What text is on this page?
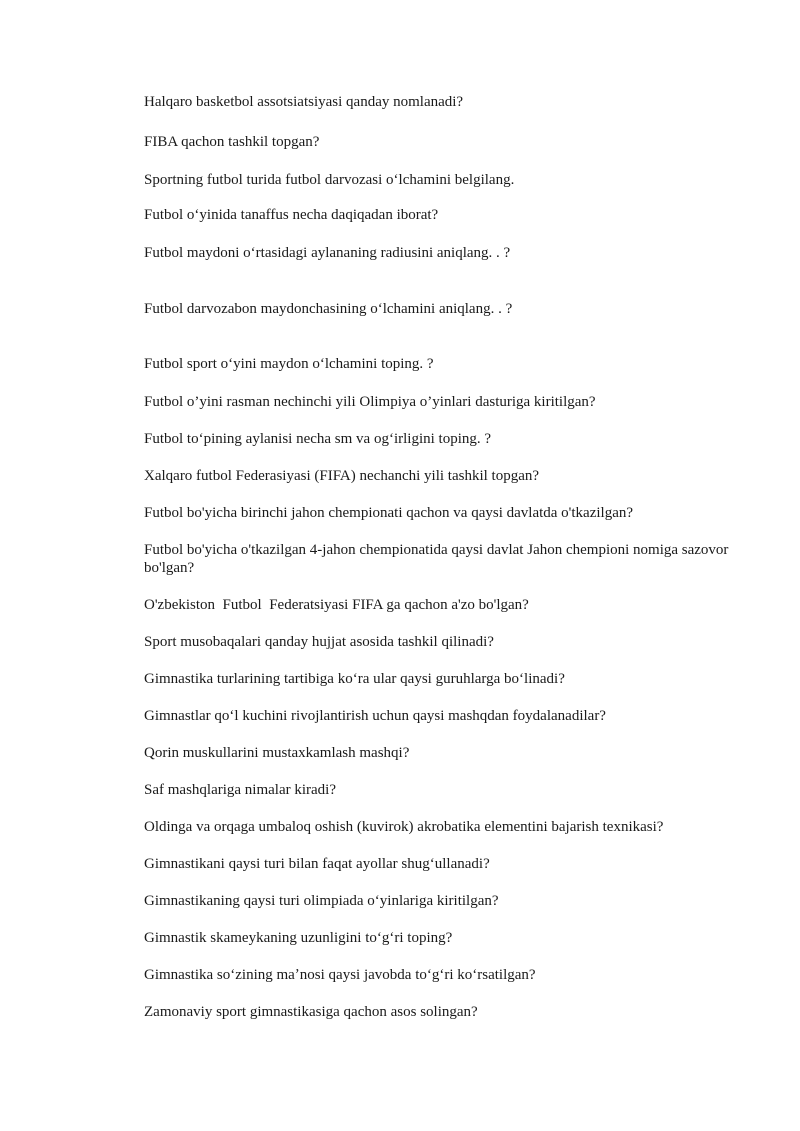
Halqaro basketbol assotsiatsiyasi qanday nomlanadi?
FIBA qachon tashkil topgan?
Sportning futbol turida futbol darvozasi oʻlchamini belgilang.
Futbol oʻyinida tanaffus necha daqiqadan iborat?
Futbol maydoni oʻrtasidagi aylananing radiusini aniqlang. . ?
Futbol darvozabon maydonchasining oʻlchamini aniqlang. . ?
Futbol sport oʻyini maydon oʻlchamini toping. ?
Futbol o’yini rasman nechinchi yili Olimpiya o’yinlari dasturiga kiritilgan?
Futbol toʻpining aylanisi necha sm va ogʻirligini toping. ?
Xalqaro futbol Federasiyasi (FIFA) nechanchi yili tashkil topgan?
Futbol bo'yicha birinchi jahon chempionati qachon va qaysi davlatda o'tkazilgan?
Futbol bo'yicha o'tkazilgan 4-jahon chempionatida qaysi davlat Jahon chempioni nomiga sazovor bo'lgan?
O'zbekiston  Futbol  Federatsiyasi FIFA ga qachon a'zo bo'lgan?
Sport musobaqalari qanday hujjat asosida tashkil qilinadi?
Gimnastika turlarining tartibiga koʻra ular qaysi guruhlarga boʻlinadi?
Gimnastlar qoʻl kuchini rivojlantirish uchun qaysi mashqdan foydalanadilar?
Qorin muskullarini mustaxkamlash mashqi?
Saf mashqlariga nimalar kiradi?
Oldinga va orqaga umbaloq oshish (kuvirok) akrobatika elementini bajarish texnikasi?
Gimnastikani qaysi turi bilan faqat ayollar shugʻullanadi?
Gimnastikaning qaysi turi olimpiada oʻyinlariga kiritilgan?
Gimnastik skameykaning uzunligini toʻgʻri toping?
Gimnastika soʻzining maʼnosi qaysi javobda toʻgʻri koʻrsatilgan?
Zamonaviy sport gimnastikasiga qachon asos solingan?
